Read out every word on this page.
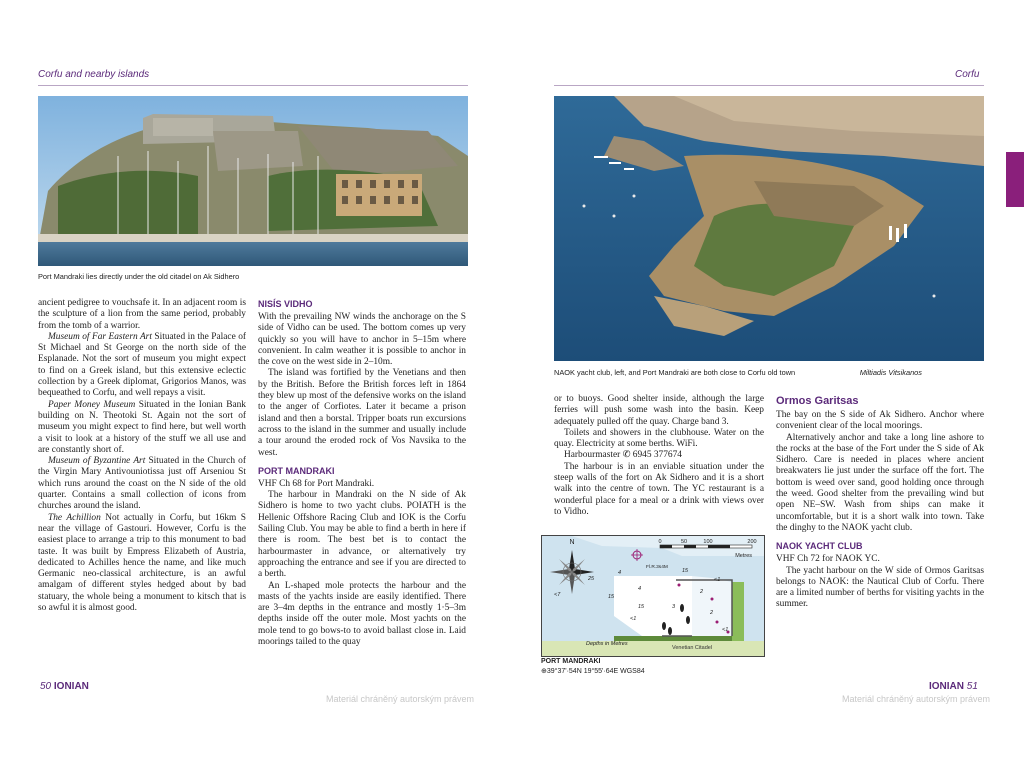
Corfu and nearby islands	Corfu
Port Mandraki lies directly under the old citadel on Ak Sidhero
NAOK yacht club, left, and Port Mandraki are both close to Corfu old town	Miltiadis Vitsikanos

ancient pedigree to vouchsafe it. In an adjacent room is the sculpture of a lion from the same period, probably from the tomb of a warrior.

Museum of Far Eastern Art Situated in the Palace of St Michael and St George on the north side of the Esplanade. Not the sort of museum you might expect to find on a Greek island, but this extensive eclectic collection by a Greek diplomat, Grigorios Manos, was bequeathed to Corfu, and well repays a visit.

Paper Money Museum Situated in the Ionian Bank building on N. Theotoki St. Again not the sort of museum you might expect to find here, but well worth a visit to look at a history of the stuff we all use and are constantly short of.

Museum of Byzantine Art Situated in the Church of the Virgin Mary Antivouniotissa just off Arseniou St which runs around the coast on the N side of the old quarter. Contains a small collection of icons from churches around the island.

The Achillion Not actually in Corfu, but 16km S near the village of Gastouri. However, Corfu is the easiest place to arrange a trip to this monument to bad taste. It was built by Empress Elizabeth of Austria, dedicated to Achilles hence the name, and like much Germanic neo-classical architecture, is an awful amalgam of different styles hedged about by bad statuary, the whole being a monument to kitsch that is so awful it is almost good.

NISÍS VIDHO

With the prevailing NW winds the anchorage on the S side of Vidho can be used. The bottom comes up very quickly so you will have to anchor in 5–15m where convenient. In calm weather it is possible to anchor in the cove on the west side in 2–10m.

The island was fortified by the Venetians and then by the British. Before the British forces left in 1864 they blew up most of the defensive works on the island to the anger of Corfiotes. Later it became a prison island and then a borstal. Tripper boats run excursions across to the island in the summer and usually include a tour around the eroded rock of Vos Navsika to the west.

PORT MANDRAKI

VHF Ch 68 for Port Mandraki.

The harbour in Mandraki on the N side of Ak Sidhero is home to two yacht clubs. POIATH is the Hellenic Offshore Racing Club and IOK is the Corfu Sailing Club. You may be able to find a berth in here if there is room. The best bet is to contact the harbourmaster in advance, or alternatively try approaching the entrance and see if you are directed to a berth.

An L-shaped mole protects the harbour and the masts of the yachts inside are easily identified. There are 3–4m depths in the entrance and mostly 1·5–3m depths inside off the outer mole. Most yachts on the mole tend to go bows-to to avoid ballast close in. Laid moorings tailed to the quay

or to buoys. Good shelter inside, although the large ferries will push some wash into the basin. Keep adequately pulled off the quay. Charge band 3.

Toilets and showers in the clubhouse. Water on the quay. Electricity at some berths. WiFi.

Harbourmaster ✆ 6945 377674

The harbour is in an enviable situation under the steep walls of the fort on Ak Sidhero and it is a short walk into the centre of town. The YC restaurant is a wonderful place for a meal or a drink with views over to Vidho.

Ormos Garitsas

The bay on the S side of Ak Sidhero. Anchor where convenient clear of the local moorings.

Alternatively anchor and take a long line ashore to the rocks at the base of the Fort under the S side of Ak Sidhero. Care is needed in places where ancient breakwaters lie just under the surface off the fort. The bottom is weed over sand, good holding once through the weed. Good shelter from the prevailing wind but open NE–SW. Wash from ships can make it uncomfortable, but it is a short walk into town. Take the dinghy to the NAOK yacht club.

NAOK YACHT CLUB

VHF Ch 72 for NAOK YC.

The yacht harbour on the W side of Ormos Garitsas belongs to NAOK: the Nautical Club of Corfu. There are a limited number of berths for visiting yachts in the summer.

N	0	50	100	200
Metres
Fl.R.3s4M
4
25
4
15
<1
<7	15
15	3
2
2
<1
<1
Depths in Metres
Venetian Citadel
PORT MANDRAKI
⊕39°37'·54N 19°55'·64E WGS84
50 IONIAN	IONIAN 51
Materiál chráněný autorským právem	Materiál chráněný autorským právem
